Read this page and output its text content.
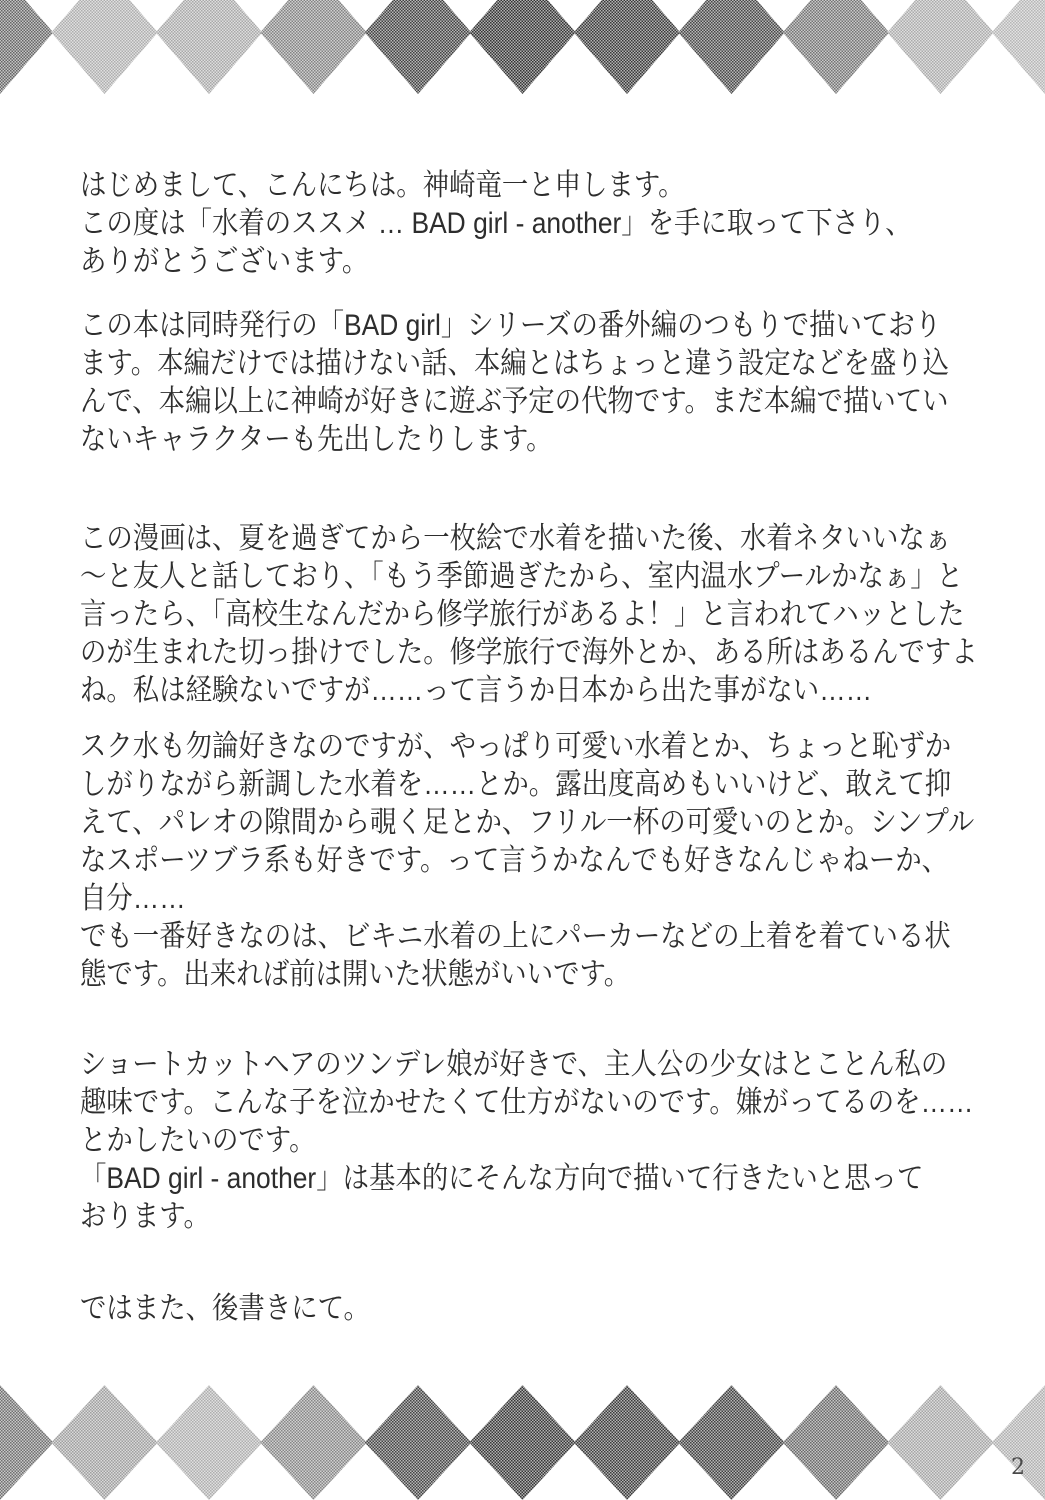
はじめまして、こんにちは。神崎竜一と申します。
この度は「水着のススメ … BAD girl - another」を手に取って下さり、
ありがとうございます。
この本は同時発行の「BAD girl」シリーズの番外編のつもりで描いており
ます。本編だけでは描けない話、本編とはちょっと違う設定などを盛り込
んで、本編以上に神崎が好きに遊ぶ予定の代物です。まだ本編で描いてい
ないキャラクターも先出したりします。
この漫画は、夏を過ぎてから一枚絵で水着を描いた後、水着ネタいいなぁ
～と友人と話しており、「もう季節過ぎたから、室内温水プールかなぁ」と
言ったら、「高校生なんだから修学旅行があるよ！」と言われてハッとした
のが生まれた切っ掛けでした。修学旅行で海外とか、ある所はあるんですよ
ね。私は経験ないですが……って言うか日本から出た事がない……
スク水も勿論好きなのですが、やっぱり可愛い水着とか、ちょっと恥ずか
しがりながら新調した水着を……とか。露出度高めもいいけど、敢えて抑
えて、パレオの隙間から覗く足とか、フリル一杯の可愛いのとか。シンプル
なスポーツブラ系も好きです。って言うかなんでも好きなんじゃねーか、
自分……
でも一番好きなのは、ビキニ水着の上にパーカーなどの上着を着ている状
態です。出来れば前は開いた状態がいいです。
ショートカットヘアのツンデレ娘が好きで、主人公の少女はとことん私の
趣味です。こんな子を泣かせたくて仕方がないのです。嫌がってるのを……
とかしたいのです。
「BAD girl - another」は基本的にそんな方向で描いて行きたいと思って
おります。
ではまた、後書きにて。
2
